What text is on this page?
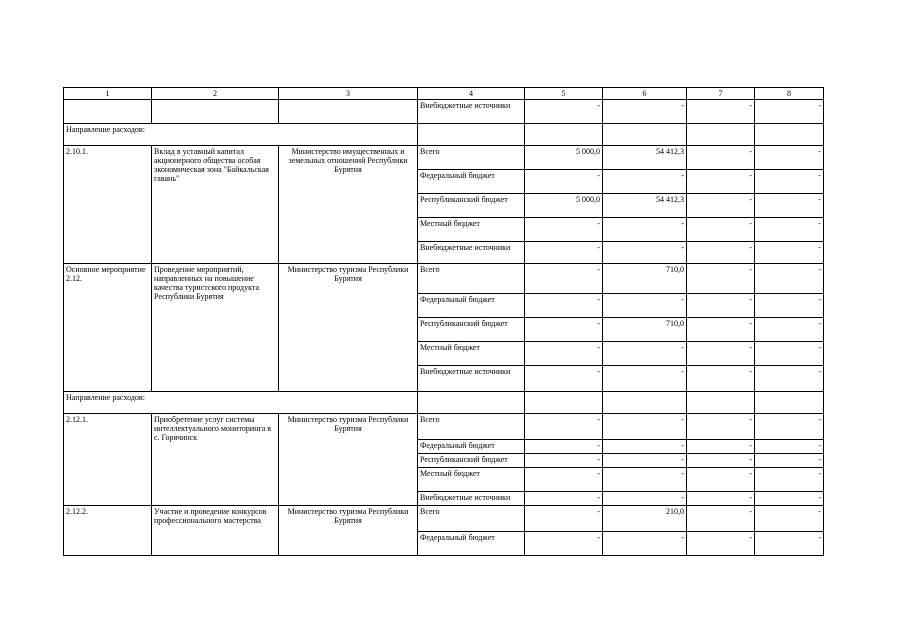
1	2	3	4	5	6	7	8
			Внебюджетные источники	-	-	-	-
Направление расходов:							
2.10.1.	Вклад в уставный капитал акционерного общества особая экономическая зона "Байкальская гавань"	Министерство имущественных и земельных отношений Республики Бурятия	Всего	5 000,0	54 412,3	-	-
			Федеральный бюджет	-	-	-	-
			Республиканский бюджет	5 000,0	54 412,3	-	-
			Местный бюджет	-	-	-	-
			Внебюджетные источники	-	-	-	-
Основное мероприятие 2.12.	Проведение мероприятий, направленных на повышение качества туристского продукта Республики Бурятия	Министерство туризма Республики Бурятия	Всего	-	710,0	-	-
			Федеральный бюджет	-	-	-	-
			Республиканский бюджет	-	710,0	-	-
			Местный бюджет	-	-	-	-
			Внебюджетные источники	-	-	-	-
Направление расходов:							
2.12.1.	Приобретение услуг системы интеллектуального мониторинга в с. Горячинск	Министерство туризма Республики Бурятия	Всего	-	-	-	-
			Федеральный бюджет	-	-	-	-
			Республиканский бюджет	-	-	-	-
			Местный бюджет	-	-	-	-
			Внебюджетные источники	-	-	-	-
2.12.2.	Участие и проведение конкурсов профессионального мастерства	Министерство туризма Республики Бурятия	Всего	-	210,0	-	-
			Федеральный бюджет	-	-	-	-
